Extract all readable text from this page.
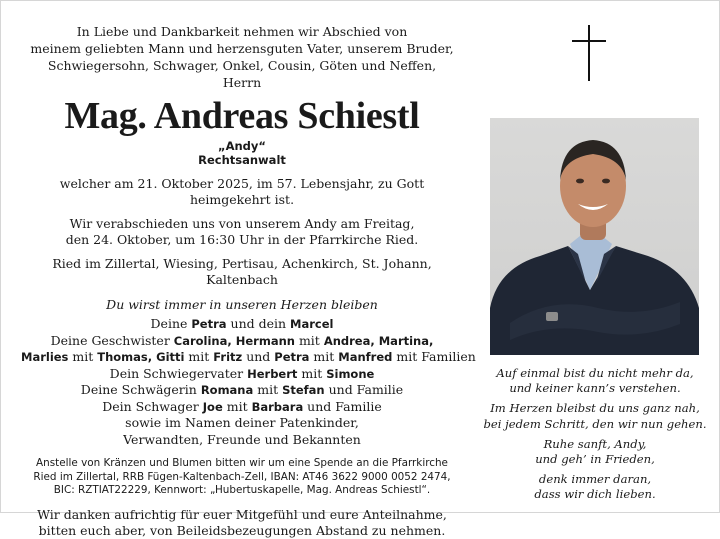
In Liebe und Dankbarkeit nehmen wir Abschied von
meinem geliebten Mann und herzensguten Vater, unserem Bruder,
Schwiegersohn, Schwager, Onkel, Cousin, Göten und Neffen,
Herrn
Mag. Andreas Schiestl
„Andy“
Rechtsanwalt
welcher am 21. Oktober 2025, im 57. Lebensjahr, zu Gott heimgekehrt ist.
Wir verabschieden uns von unserem Andy am Freitag,
den 24. Oktober, um 16:30 Uhr in der Pfarrkirche Ried.
Ried im Zillertal, Wiesing, Pertisau, Achenkirch, St. Johann, Kaltenbach
Du wirst immer in unseren Herzen bleiben
Deine Petra und dein Marcel
Deine Geschwister Carolina, Hermann mit Andrea, Martina,
Marlies mit Thomas, Gitti mit Fritz und Petra mit Manfred mit Familien
Dein Schwiegervater Herbert mit Simone
Deine Schwägerin Romana mit Stefan und Familie
Dein Schwager Joe mit Barbara und Familie
sowie im Namen deiner Patenkinder,
Verwandten, Freunde und Bekannten
Anstelle von Kränzen und Blumen bitten wir um eine Spende an die Pfarrkirche
Ried im Zillertal, RRB Fügen-Kaltenbach-Zell, IBAN: AT46 3622 9000 0052 2474,
BIC: RZTIAT22229, Kennwort: „Hubertuskapelle, Mag. Andreas Schiestl“.
Wir danken aufrichtig für euer Mitgefühl und eure Anteilnahme,
bitten euch aber, von Beileidsbezeugungen Abstand zu nehmen.
Auf einmal bist du nicht mehr da,
und keiner kann’s verstehen.
Im Herzen bleibst du uns ganz nah,
bei jedem Schritt, den wir nun gehen.
Ruhe sanft, Andy,
und geh’ in Frieden,
denk immer daran,
dass wir dich lieben.
